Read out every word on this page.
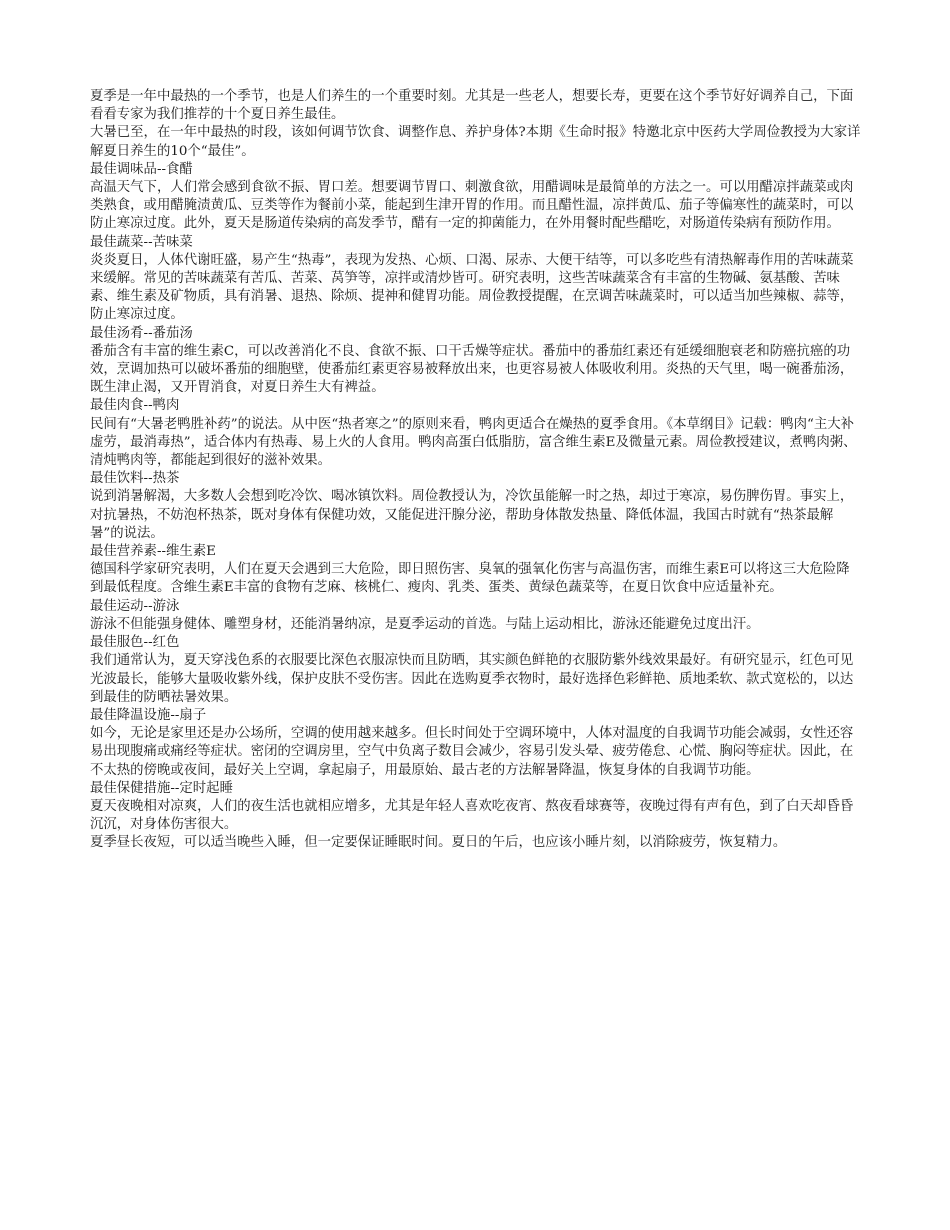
夏季是一年中最热的一个季节，也是人们养生的一个重要时刻。尤其是一些老人，想要长寿，更要在这个季节好好调养自己，下面看看专家为我们推荐的十个夏日养生最佳。

大暑已至，在一年中最热的时段，该如何调节饮食、调整作息、养护身体?本期《生命时报》特邀北京中医药大学周俭教授为大家详解夏日养生的10个“最佳”。

最佳调味品--食醋

高温天气下，人们常会感到食欲不振、胃口差。想要调节胃口、刺激食欲，用醋调味是最简单的方法之一。可以用醋凉拌蔬菜或肉类熟食，或用醋腌渍黄瓜、豆类等作为餐前小菜，能起到生津开胃的作用。而且醋性温，凉拌黄瓜、茄子等偏寒性的蔬菜时，可以防止寒凉过度。此外，夏天是肠道传染病的高发季节，醋有一定的抑菌能力，在外用餐时配些醋吃，对肠道传染病有预防作用。

最佳蔬菜--苦味菜

炎炎夏日，人体代谢旺盛，易产生“热毒”，表现为发热、心烦、口渴、尿赤、大便干结等，可以多吃些有清热解毒作用的苦味蔬菜来缓解。常见的苦味蔬菜有苦瓜、苦菜、莴笋等，凉拌或清炒皆可。研究表明，这些苦味蔬菜含有丰富的生物碱、氨基酸、苦味素、维生素及矿物质，具有消暑、退热、除烦、提神和健胃功能。周俭教授提醒，在烹调苦味蔬菜时，可以适当加些辣椒、蒜等，防止寒凉过度。

最佳汤肴--番茄汤

番茄含有丰富的维生素C，可以改善消化不良、食欲不振、口干舌燥等症状。番茄中的番茄红素还有延缓细胞衰老和防癌抗癌的功效，烹调加热可以破坏番茄的细胞壁，使番茄红素更容易被释放出来，也更容易被人体吸收利用。炎热的天气里，喝一碗番茄汤，既生津止渴，又开胃消食，对夏日养生大有裨益。

最佳肉食--鸭肉

民间有“大暑老鸭胜补药”的说法。从中医“热者寒之”的原则来看，鸭肉更适合在燥热的夏季食用。《本草纲目》记载：鸭肉“主大补虚劳，最消毒热”，适合体内有热毒、易上火的人食用。鸭肉高蛋白低脂肪，富含维生素E及微量元素。周俭教授建议，煮鸭肉粥、清炖鸭肉等，都能起到很好的滋补效果。

最佳饮料--热茶

说到消暑解渴，大多数人会想到吃冷饮、喝冰镇饮料。周俭教授认为，冷饮虽能解一时之热，却过于寒凉，易伤脾伤胃。事实上，对抗暑热，不妨泡杯热茶，既对身体有保健功效，又能促进汗腺分泌，帮助身体散发热量、降低体温，我国古时就有“热茶最解暑”的说法。

最佳营养素--维生素E

德国科学家研究表明，人们在夏天会遇到三大危险，即日照伤害、臭氧的强氧化伤害与高温伤害，而维生素E可以将这三大危险降到最低程度。含维生素E丰富的食物有芝麻、核桃仁、瘦肉、乳类、蛋类、黄绿色蔬菜等，在夏日饮食中应适量补充。

最佳运动--游泳

游泳不但能强身健体、雕塑身材，还能消暑纳凉，是夏季运动的首选。与陆上运动相比，游泳还能避免过度出汗。

最佳服色--红色

我们通常认为，夏天穿浅色系的衣服要比深色衣服凉快而且防晒，其实颜色鲜艳的衣服防紫外线效果最好。有研究显示，红色可见光波最长，能够大量吸收紫外线，保护皮肤不受伤害。因此在选购夏季衣物时，最好选择色彩鲜艳、质地柔软、款式宽松的，以达到最佳的防晒祛暑效果。

最佳降温设施--扇子

如今，无论是家里还是办公场所，空调的使用越来越多。但长时间处于空调环境中，人体对温度的自我调节功能会减弱，女性还容易出现腹痛或痛经等症状。密闭的空调房里，空气中负离子数目会减少，容易引发头晕、疲劳倦怠、心慌、胸闷等症状。因此，在不太热的傍晚或夜间，最好关上空调，拿起扇子，用最原始、最古老的方法解暑降温，恢复身体的自我调节功能。

最佳保健措施--定时起睡

夏天夜晚相对凉爽，人们的夜生活也就相应增多，尤其是年轻人喜欢吃夜宵、熬夜看球赛等，夜晚过得有声有色，到了白天却昏昏沉沉，对身体伤害很大。

夏季昼长夜短，可以适当晚些入睡，但一定要保证睡眠时间。夏日的午后，也应该小睡片刻，以消除疲劳，恢复精力。
